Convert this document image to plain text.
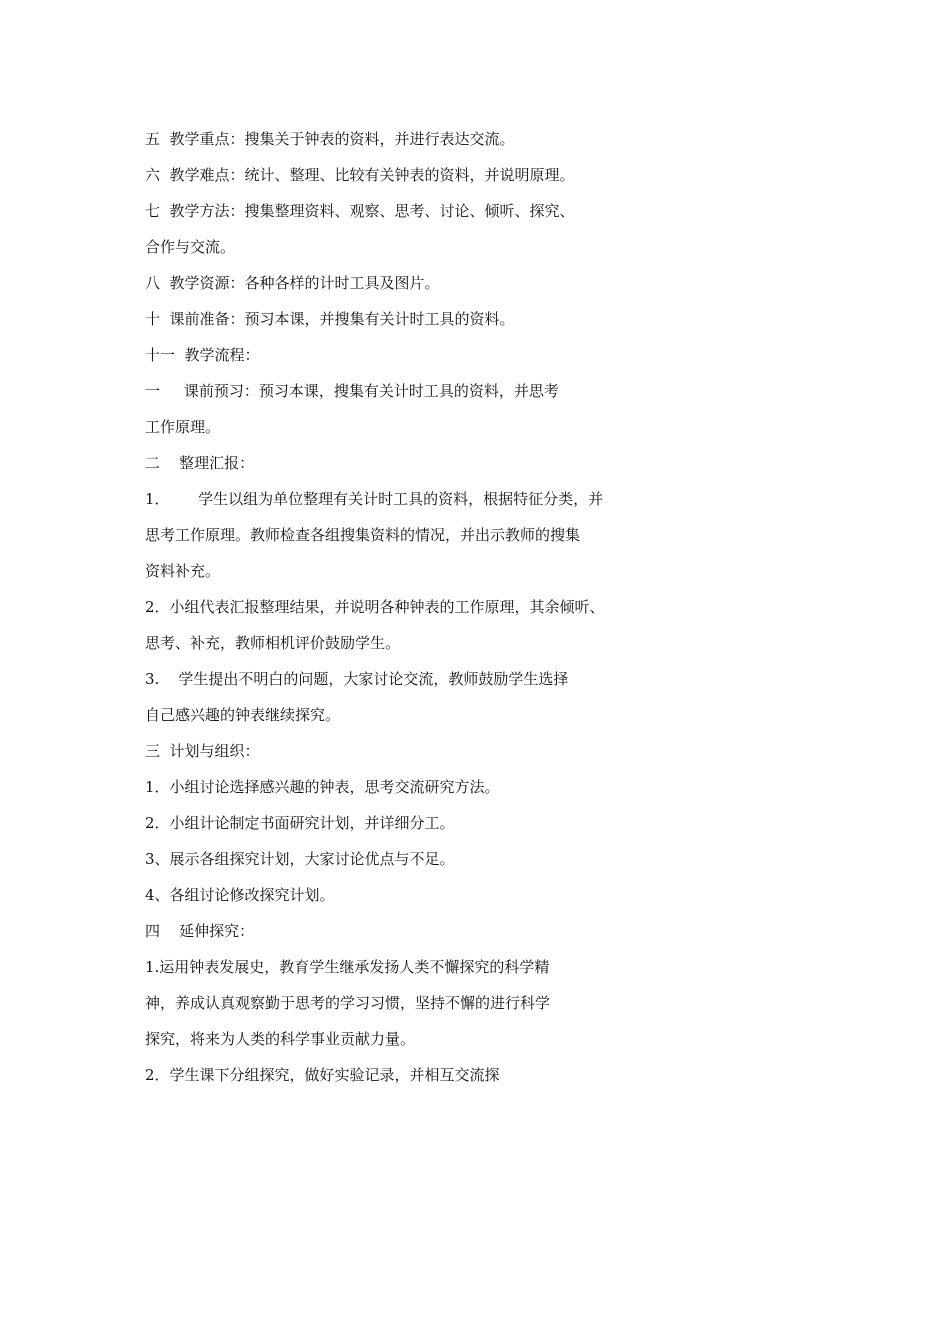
五  教学重点：搜集关于钟表的资料，并进行表达交流。

六  教学难点：统计、整理、比较有关钟表的资料，并说明原理。

七  教学方法：搜集整理资料、观察、思考、讨论、倾听、探究、

合作与交流。

八  教学资源：各种各样的计时工具及图片。

十  课前准备：预习本课，并搜集有关计时工具的资料。

十一  教学流程：

一     课前预习：预习本课，搜集有关计时工具的资料，并思考

工作原理。

二    整理汇报：

1．      学生以组为单位整理有关计时工具的资料，根据特征分类，并

思考工作原理。教师检查各组搜集资料的情况，并出示教师的搜集

资料补充。

2．小组代表汇报整理结果，并说明各种钟表的工作原理，其余倾听、

思考、补充，教师相机评价鼓励学生。

3.    学生提出不明白的问题，大家讨论交流，教师鼓励学生选择

自己感兴趣的钟表继续探究。

三  计划与组织：

1．小组讨论选择感兴趣的钟表，思考交流研究方法。

2．小组计论制定书面研究计划，并详细分工。

3、展示各组探究计划，大家讨论优点与不足。

4、各组讨论修改探究计划。

四    延伸探究：

1.运用钟表发展史，教育学生继承发扬人类不懈探究的科学精

神，养成认真观察勤于思考的学习习惯，坚持不懈的进行科学

探究，将来为人类的科学事业贡献力量。

2．学生课下分组探究，做好实验记录，并相互交流探
